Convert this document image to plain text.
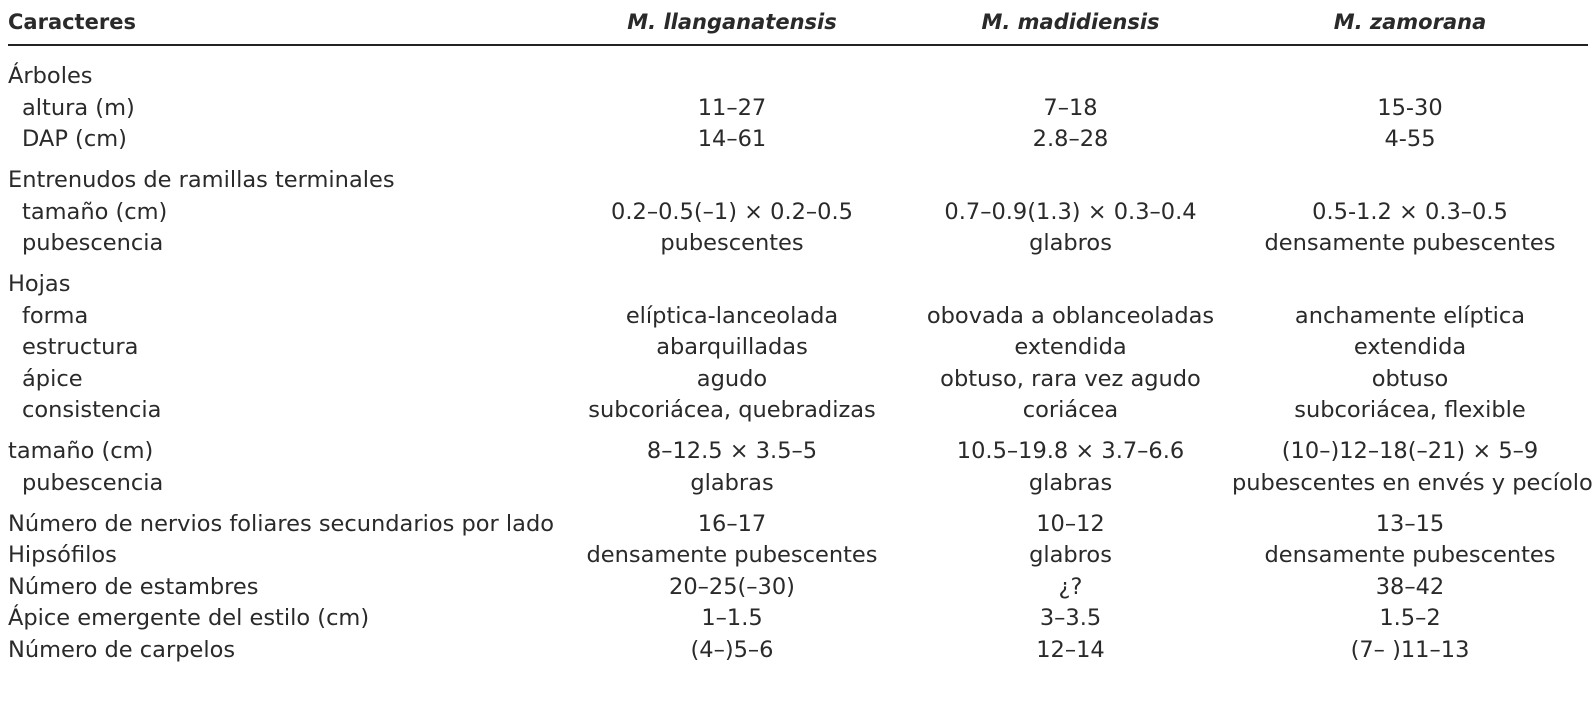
Caracteres	M. llanganatensis	M. madidiensis	M. zamorana

Árboles			
altura (m)	11–27	7–18	15-30
DAP (cm)	14–61	2.8–28	4-55

Entrenudos de ramillas terminales			
tamaño (cm)	0.2–0.5(–1) × 0.2–0.5	0.7–0.9(1.3) × 0.3–0.4	0.5-1.2 × 0.3–0.5
pubescencia	pubescentes	glabros	densamente pubescentes

Hojas			
forma	elíptica-lanceolada	obovada a oblanceoladas	anchamente elíptica
estructura	abarquilladas	extendida	extendida
ápice	agudo	obtuso, rara vez agudo	obtuso
consistencia	subcoriácea, quebradizas	coriácea	subcoriácea, flexible

tamaño (cm)	8–12.5 × 3.5–5	10.5–19.8 × 3.7–6.6	(10–)12–18(–21) × 5–9
pubescencia	glabras	glabras	pubescentes en envés y pecíolo

Número de nervios foliares secundarios por lado	16–17	10–12	13–15
Hipsófilos	densamente pubescentes	glabros	densamente pubescentes
Número de estambres	20–25(–30)	¿?	38–42
Ápice emergente del estilo (cm)	1–1.5	3–3.5	1.5–2
Número de carpelos	(4–)5–6	12–14	(7– )11–13
